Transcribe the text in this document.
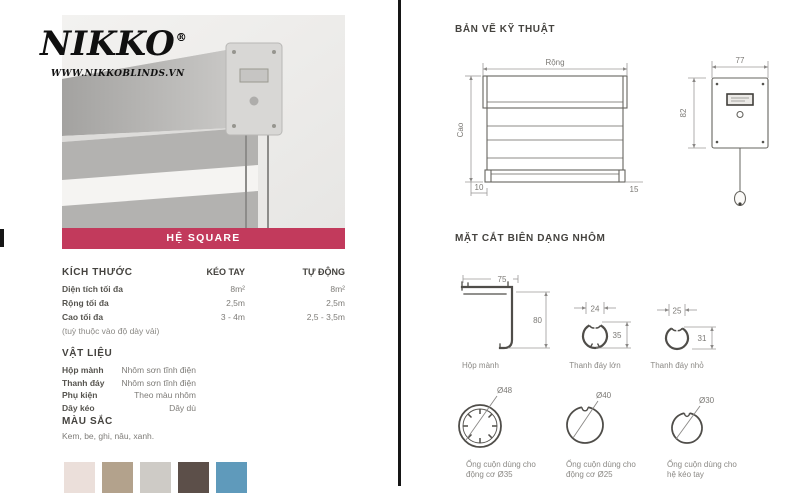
NIKKO®
WWW.NIKKOBLINDS.VN
HỆ SQUARE
KÍCH THƯỚC	KÉO TAY	TỰ ĐỘNG
Diện tích tối đa	8m²	8m²
Rộng tối đa	2,5m	2,5m
Cao tối đa	3 - 4m	2,5 - 3,5m
(tuỳ thuộc vào độ dày vải)
VẬT LIỆU
Hộp mành	Nhôm sơn tĩnh điện
Thanh đáy	Nhôm sơn tĩnh điện
Phụ kiện	Theo màu nhôm
Dây kéo	Dây dù
MÀU SẮC
Kem, be, ghi, nâu, xanh.
BẢN VẼ KỸ THUẬT
Rộng
Cao
10	15
77
82
MẶT CẮT BIÊN DẠNG NHÔM
75
80
Hộp mành
24
35
Thanh đáy lớn
25
31
Thanh đáy nhỏ
Ø48
Ống cuộn dùng cho
động cơ Ø35
Ø40
Ống cuộn dùng cho
động cơ Ø25
Ø30
Ống cuộn dùng cho
hệ kéo tay
